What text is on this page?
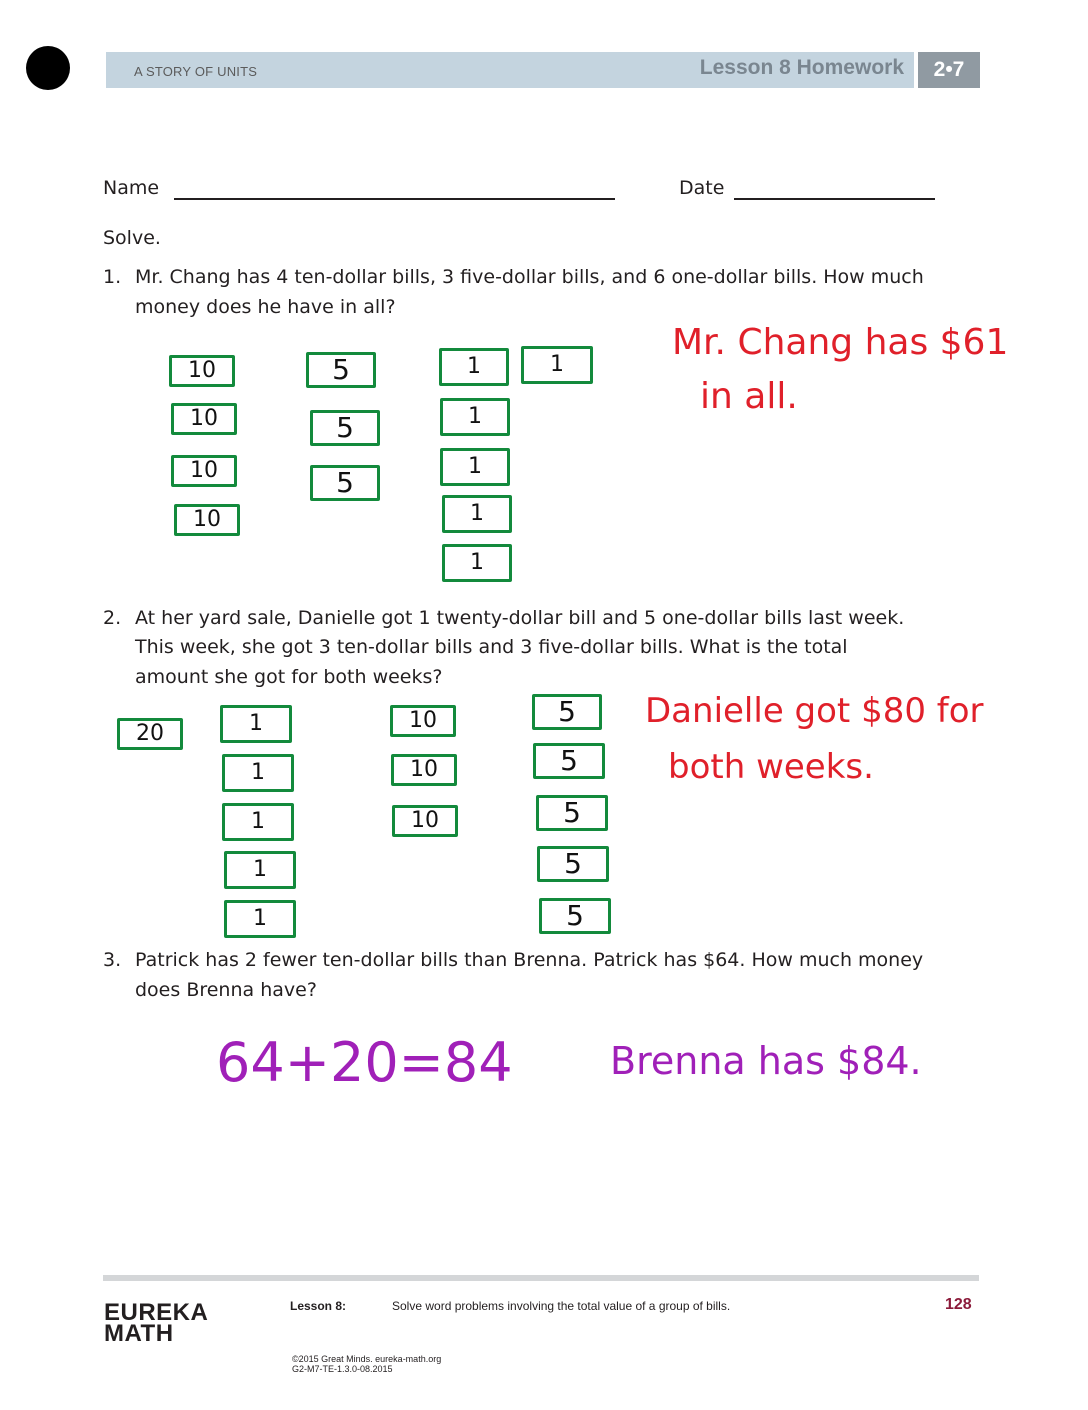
A STORY OF UNITS	Lesson 8 Homework	2•7
Name	Date
Solve.
1. Mr. Chang has 4 ten-dollar bills, 3 five-dollar bills, and 6 one-dollar bills. How much
money does he have in all?
10
10
10
10
5
5
5
1	1
1
1
1
1
Mr. Chang has $61
in all.
2. At her yard sale, Danielle got 1 twenty-dollar bill and 5 one-dollar bills last week.
This week, she got 3 ten-dollar bills and 3 five-dollar bills. What is the total
amount she got for both weeks?
20	1
1
1
1
1
10
10
10
5
5
5
5
5
Danielle got $80 for
both weeks.
3. Patrick has 2 fewer ten-dollar bills than Brenna. Patrick has $64. How much money
does Brenna have?
64+20=84	Brenna has $84.
EUREKA
MATH
Lesson 8:	Solve word problems involving the total value of a group of bills.	128
©2015 Great Minds. eureka-math.org
G2-M7-TE-1.3.0-08.2015
